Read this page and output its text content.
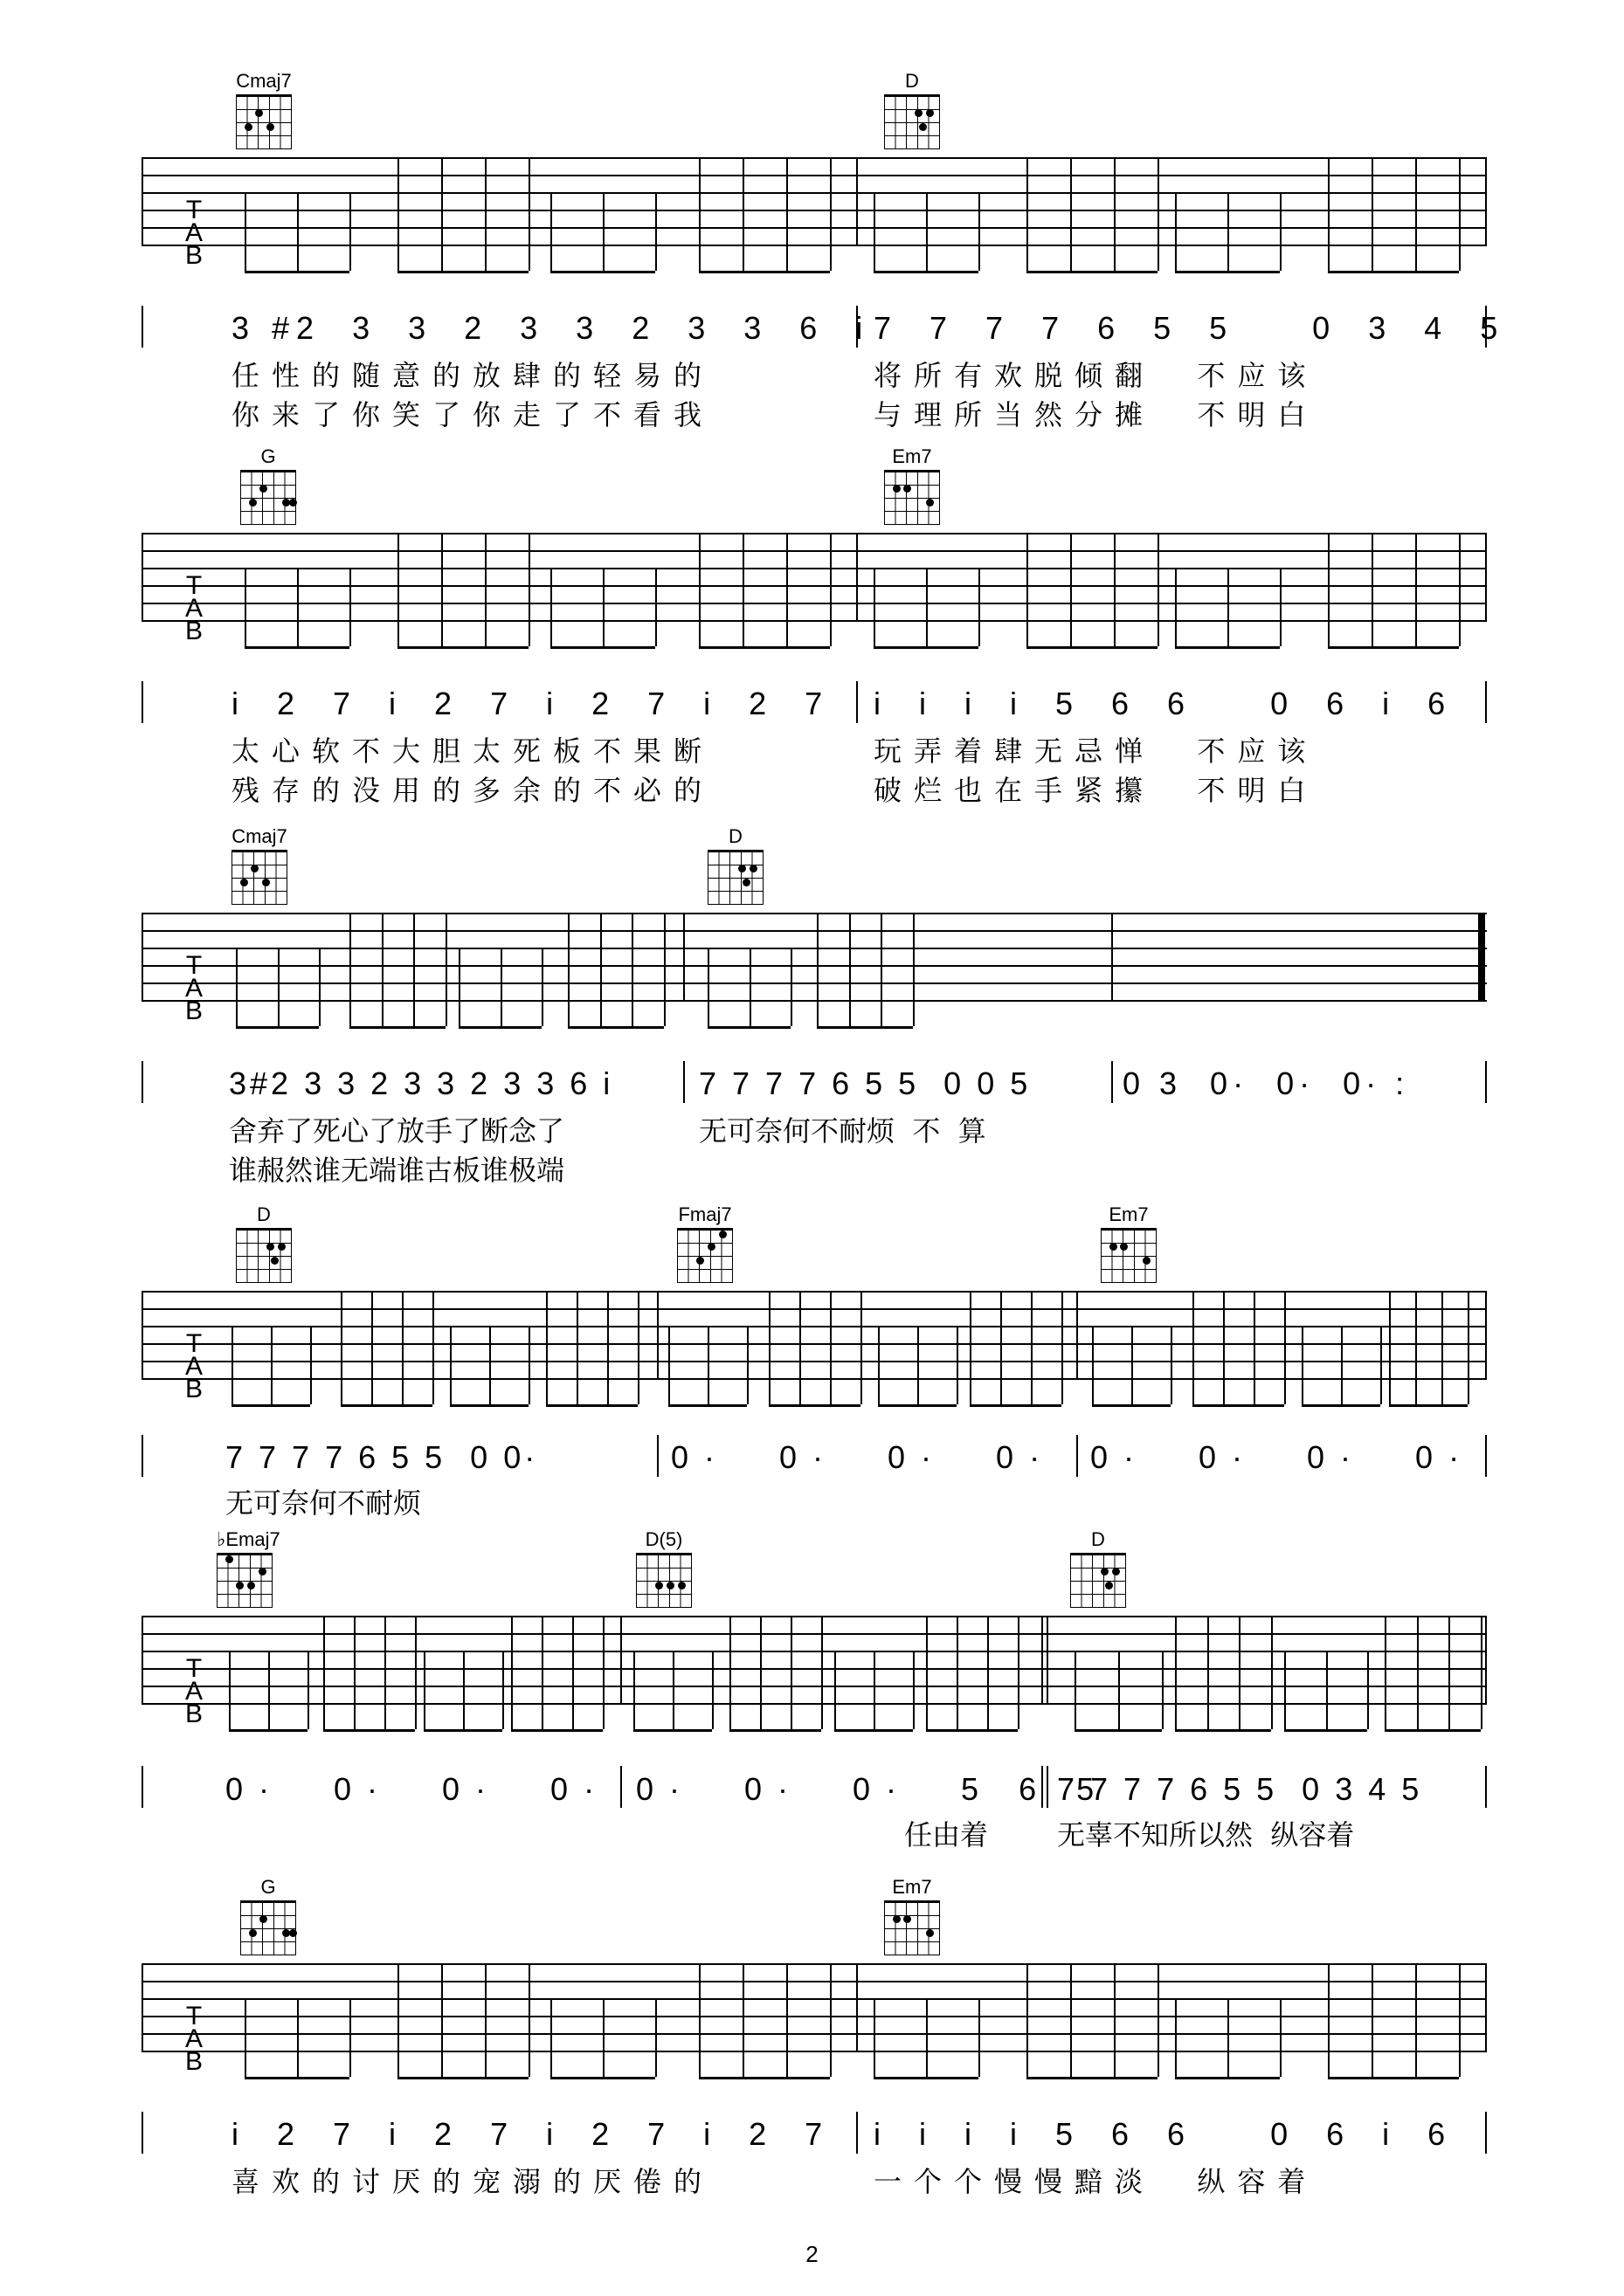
Cmaj7	D
T
A
B
3 #2  3  3  2  3  3  2  3  3  6  i 7  7  7  7  6  5  5     0  3  4  5
任性的随意的放肆的轻易的	将所有欢脱倾翻  不应该
你来了你笑了你走了不看我	与理所当然分摊  不明白
G	Em7
T
A
B
i  2  7  i  2  7  i  2  7  i  2  7 i  i  i  i  5  6  6     0  6  i  6
太心软不大胆太死板不果断	玩弄着肆无忌惮  不应该
残存的没用的多余的不必的	破烂也在手紧攥  不明白
Cmaj7	D
T
A
B
3#2 3 3 2 3 3 2 3 3 6 i	7 7 7 7 6 5 5  0 0 5	0 3  0·  0·  0· :
舍弃了死心了放手了断念了	无可奈何不耐烦  不  算
谁赧然谁无端谁古板谁极端
D	Fmaj7	Em7
T
A
B
7 7 7 7 6 5 5  0 0·	0·  0·  0·  0· 0·  0·  0·  0·
无可奈何不耐烦
♭Emaj7	D(5)	D
T
A
B
0·  0·  0·  0· 0·  0·  0·  5 6 5
7 7 7 7 6 5 5  0 3 4 5
任由着 无辜不知所以然  纵容着
G	Em7
T
A
B
i  2  7  i  2  7  i  2  7  i  2  7 i  i  i  i  5  6  6     0  6  i  6
喜欢的讨厌的宠溺的厌倦的	一个个慢慢黯淡  纵容着
2
